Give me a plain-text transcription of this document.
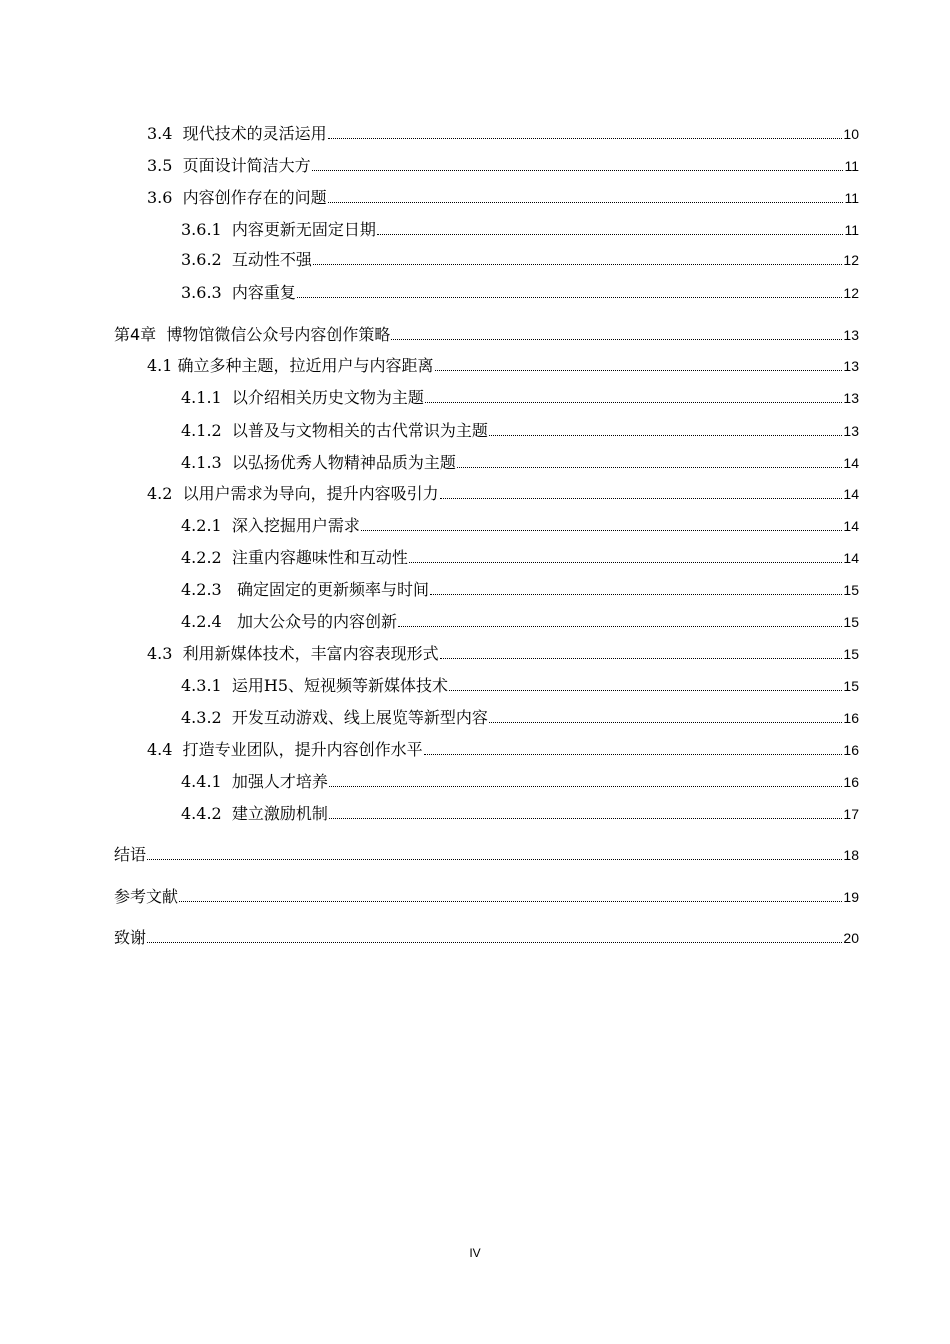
3.4  现代技术的灵活运用	10
3.5  页面设计简洁大方	11
3.6  内容创作存在的问题	11
3.6.1  内容更新无固定日期	11
3.6.2  互动性不强	12
3.6.3  内容重复	12
第4章  博物馆微信公众号内容创作策略	13
4.1 确立多种主题，拉近用户与内容距离	13
4.1.1  以介绍相关历史文物为主题	13
4.1.2  以普及与文物相关的古代常识为主题	13
4.1.3  以弘扬优秀人物精神品质为主题	14
4.2  以用户需求为导向，提升内容吸引力	14
4.2.1  深入挖掘用户需求	14
4.2.2  注重内容趣味性和互动性	14
4.2.3   确定固定的更新频率与时间	15
4.2.4   加大公众号的内容创新	15
4.3  利用新媒体技术，丰富内容表现形式	15
4.3.1  运用H5、短视频等新媒体技术	15
4.3.2  开发互动游戏、线上展览等新型内容	16
4.4  打造专业团队，提升内容创作水平	16
4.4.1  加强人才培养	16
4.4.2  建立激励机制	17
结语	18
参考文献	19
致谢	20
IV
